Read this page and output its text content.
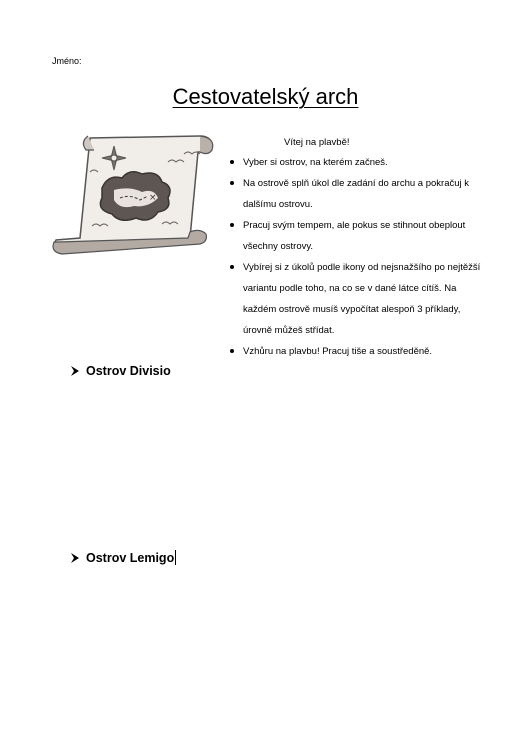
Jméno:
Cestovatelský arch
×
Vítej na plavbě!
Vyber si ostrov, na kterém začneš.
Na ostrově splň úkol dle zadání do archu a pokračuj k dalšímu ostrovu.
Pracuj svým tempem, ale pokus se stihnout obeplout všechny ostrovy.
Vybírej si z úkolů podle ikony od nejsnažšího po nejtěžší variantu podle toho, na co se v dané látce cítíš. Na každém ostrově musíš vypočítat alespoň 3 příklady, úrovně můžeš střídat.
Vzhůru na plavbu! Pracuj tiše a soustředěně.
Ostrov Divisio
Ostrov Lemigo
